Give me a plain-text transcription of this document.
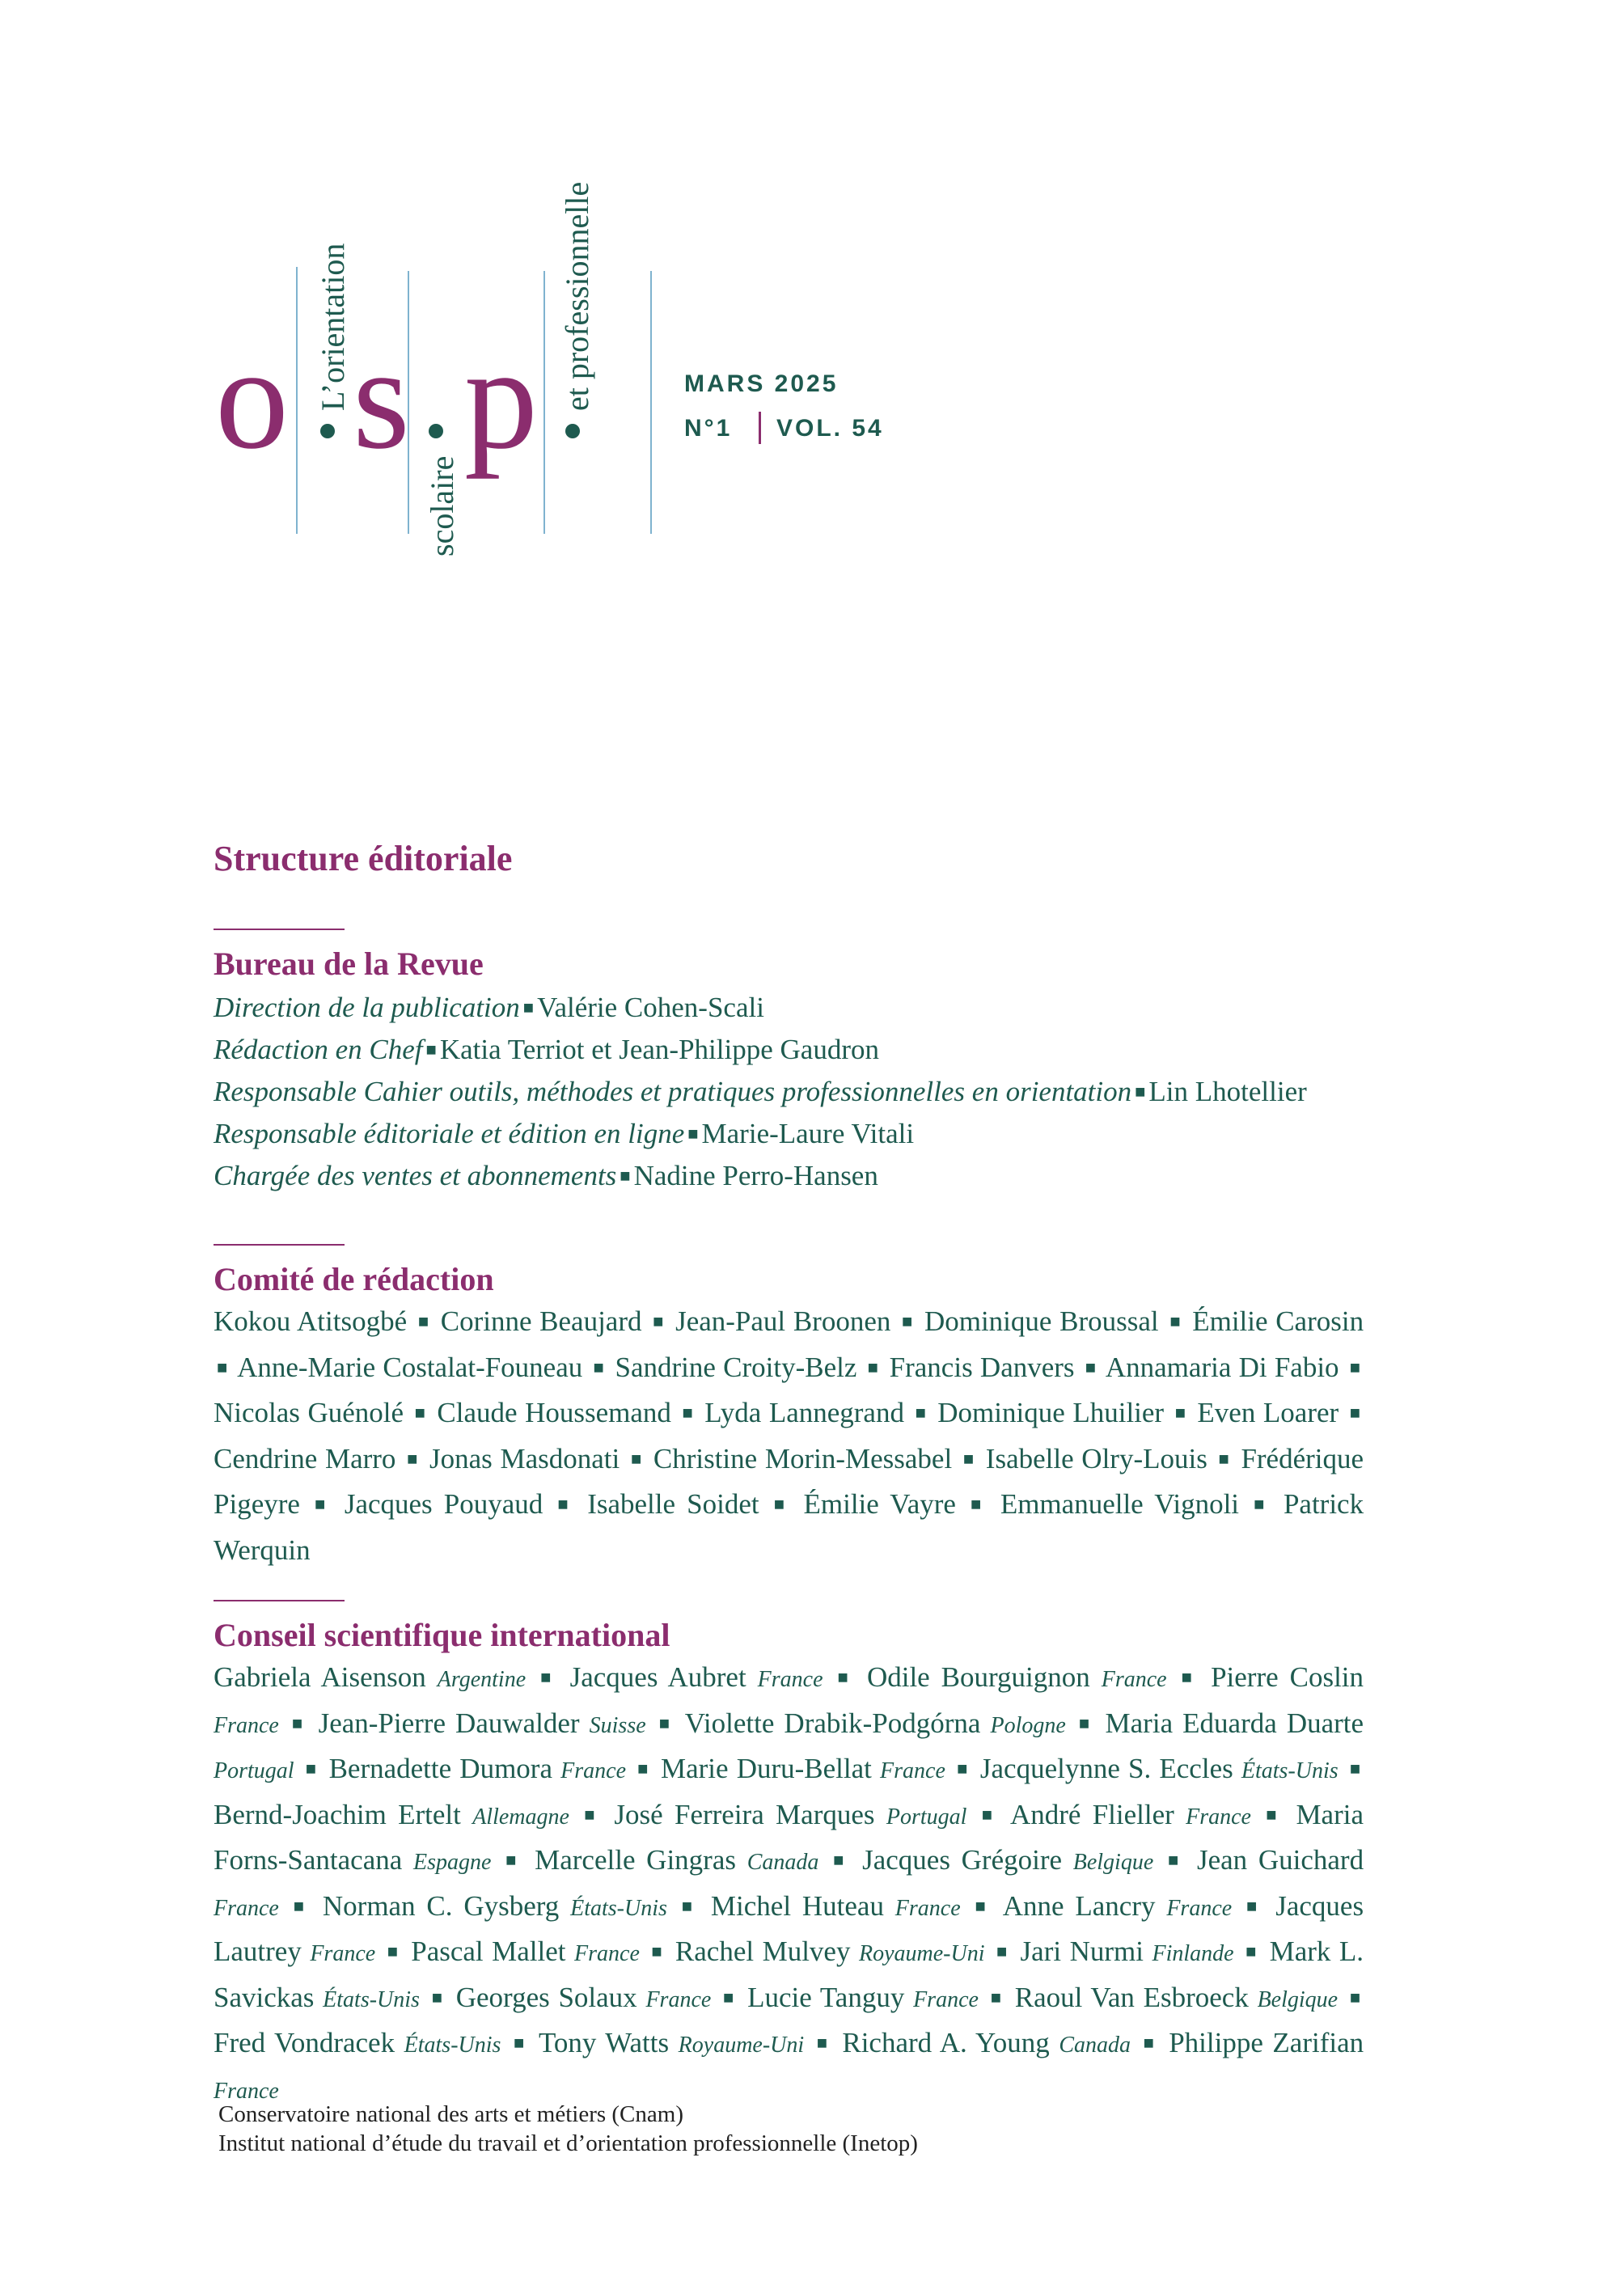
o s p
L’orientation
scolaire
et professionnelle	MARS 2025
N°1 VOL. 54
Structure éditoriale
Bureau de la Revue
Direction de la publication ■ Valérie Cohen-Scali
Rédaction en Chef ■ Katia Terriot et Jean-Philippe Gaudron
Responsable Cahier outils, méthodes et pratiques professionnelles en orientation ■ Lin Lhotellier
Responsable éditoriale et édition en ligne ■ Marie-Laure Vitali
Chargée des ventes et abonnements ■ Nadine Perro-Hansen
Comité de rédaction
Kokou Atitsogbé ■ Corinne Beaujard ■ Jean-Paul Broonen ■ Dominique Broussal ■ Émilie Carosin ■ Anne-Marie Costalat-Founeau ■ Sandrine Croity-Belz ■ Francis Danvers ■ Annamaria Di Fabio ■ Nicolas Guénolé ■ Claude Houssemand ■ Lyda Lannegrand ■ Dominique Lhuilier ■ Even Loarer ■ Cendrine Marro ■ Jonas Masdonati ■ Christine Morin-Messabel ■ Isabelle Olry-Louis ■ Frédérique Pigeyre ■ Jacques Pouyaud ■ Isabelle Soidet ■ Émilie Vayre ■ Emmanuelle Vignoli ■ Patrick Werquin
Conseil scientifique international
Gabriela Aisenson Argentine ■ Jacques Aubret France ■ Odile Bourguignon France ■ Pierre Coslin France ■ Jean-Pierre Dauwalder Suisse ■ Violette Drabik-Podgórna Pologne ■ Maria Eduarda Duarte Portugal ■ Bernadette Dumora France ■ Marie Duru-Bellat France ■ Jacquelynne S. Eccles États-Unis ■ Bernd-Joachim Ertelt Allemagne ■ José Ferreira Marques Portugal ■ André Flieller France ■ Maria Forns-Santacana Espagne ■ Marcelle Gingras Canada ■ Jacques Grégoire Belgique ■ Jean Guichard France ■ Norman C. Gysberg États-Unis ■ Michel Huteau France ■ Anne Lancry France ■ Jacques Lautrey France ■ Pascal Mallet France ■ Rachel Mulvey Royaume-Uni ■ Jari Nurmi Finlande ■ Mark L. Savickas États-Unis ■ Georges Solaux France ■ Lucie Tanguy France ■ Raoul Van Esbroeck Belgique ■ Fred Vondracek États-Unis ■ Tony Watts Royaume-Uni ■ Richard A. Young Canada ■ Philippe Zarifian France
Conservatoire national des arts et métiers (Cnam)
Institut national d’étude du travail et d’orientation professionnelle (Inetop)
